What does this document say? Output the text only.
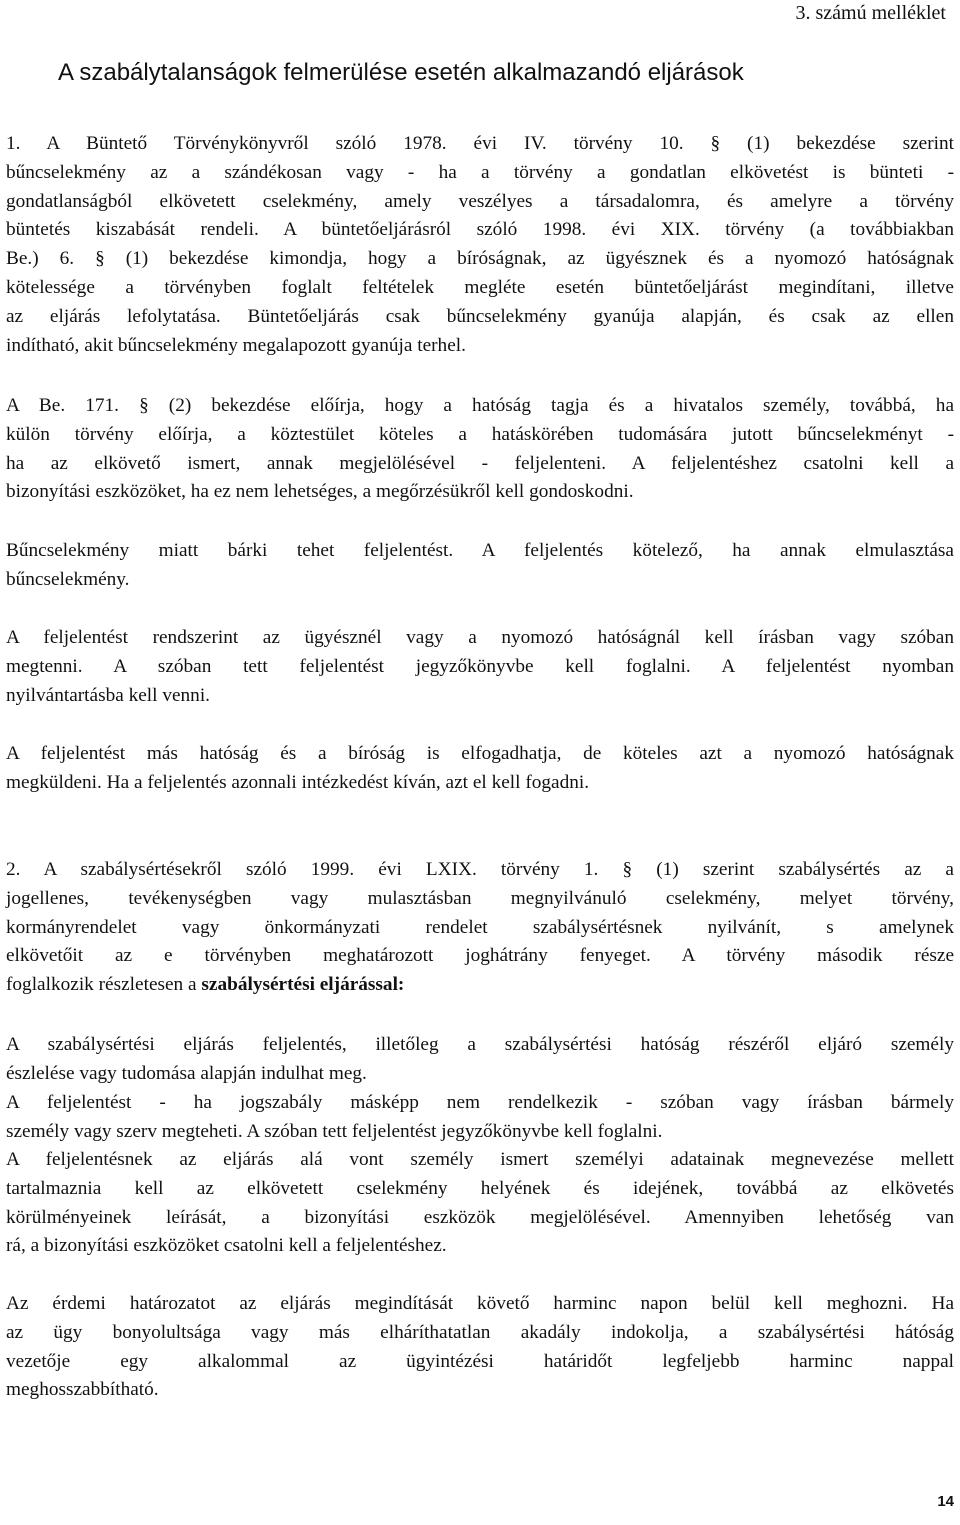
3. számú melléklet
A szabálytalanságok felmerülése esetén alkalmazandó eljárások
1. A Büntető Törvénykönyvről szóló 1978. évi IV. törvény 10. § (1) bekezdése szerint
bűncselekmény az a szándékosan vagy - ha a törvény a gondatlan elkövetést is bünteti -
gondatlanságból elkövetett cselekmény, amely veszélyes a társadalomra, és amelyre a törvény
büntetés kiszabását rendeli. A büntetőeljárásról szóló 1998. évi XIX. törvény (a továbbiakban
Be.) 6. § (1) bekezdése kimondja, hogy a bíróságnak, az ügyésznek és a nyomozó hatóságnak
kötelessége a törvényben foglalt feltételek megléte esetén büntetőeljárást megindítani, illetve
az eljárás lefolytatása. Büntetőeljárás csak bűncselekmény gyanúja alapján, és csak az ellen
indítható, akit bűncselekmény megalapozott gyanúja terhel.
A Be. 171. § (2) bekezdése előírja, hogy a hatóság tagja és a hivatalos személy, továbbá, ha
külön törvény előírja, a köztestület köteles a hatáskörében tudomására jutott bűncselekményt -
ha az elkövető ismert, annak megjelölésével - feljelenteni. A feljelentéshez csatolni kell a
bizonyítási eszközöket, ha ez nem lehetséges, a megőrzésükről kell gondoskodni.
Bűncselekmény miatt bárki tehet feljelentést. A feljelentés kötelező, ha annak elmulasztása
bűncselekmény.
A feljelentést rendszerint az ügyésznél vagy a nyomozó hatóságnál kell írásban vagy szóban
megtenni. A szóban tett feljelentést jegyzőkönyvbe kell foglalni. A feljelentést nyomban
nyilvántartásba kell venni.
A feljelentést más hatóság és a bíróság is elfogadhatja, de köteles azt a nyomozó hatóságnak
megküldeni. Ha a feljelentés azonnali intézkedést kíván, azt el kell fogadni.
2. A szabálysértésekről szóló 1999. évi LXIX. törvény 1. § (1) szerint szabálysértés az a
jogellenes, tevékenységben vagy mulasztásban megnyilvánuló cselekmény, melyet törvény,
kormányrendelet vagy önkormányzati rendelet szabálysértésnek nyilvánít, s amelynek
elkövetőit az e törvényben meghatározott joghátrány fenyeget. A törvény második része
foglalkozik részletesen a szabálysértési eljárással:
A szabálysértési eljárás feljelentés, illetőleg a szabálysértési hatóság részéről eljáró személy
észlelése vagy tudomása alapján indulhat meg.
A feljelentést - ha jogszabály másképp nem rendelkezik - szóban vagy írásban bármely
személy vagy szerv megteheti. A szóban tett feljelentést jegyzőkönyvbe kell foglalni.
A feljelentésnek az eljárás alá vont személy ismert személyi adatainak megnevezése mellett
tartalmaznia kell az elkövetett cselekmény helyének és idejének, továbbá az elkövetés
körülményeinek leírását, a bizonyítási eszközök megjelölésével. Amennyiben lehetőség van
rá, a bizonyítási eszközöket csatolni kell a feljelentéshez.
Az érdemi határozatot az eljárás megindítását követő harminc napon belül kell meghozni. Ha
az ügy bonyolultsága vagy más elháríthatatlan akadály indokolja, a szabálysértési hátóság
vezetője egy alkalommal az ügyintézési határidőt legfeljebb harminc nappal
meghosszabbítható.
14
